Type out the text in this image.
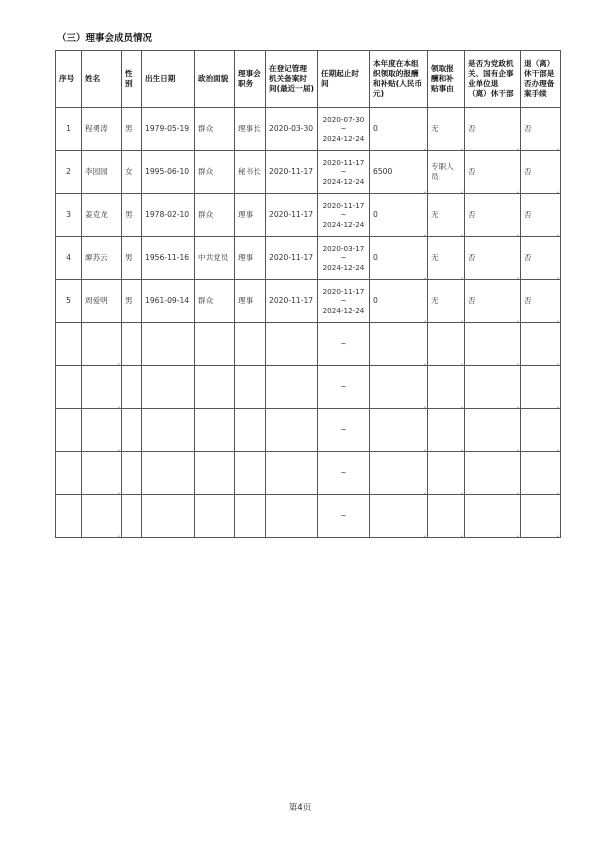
（三）理事会成员情况
序号	姓名	性别	出生日期	政治面貌	理事会职务	在登记管理机关备案时间(最近一届)	任期起止时间	本年度在本组织领取的报酬和补贴(人民币元)	领取报酬和补贴事由	是否为党政机关、国有企事业单位退（离）休干部	退（离）休干部是否办理备案手续
1	程勇涛	男	1979-05-19	群众	理事长	2020-03-30	2020-07-30
~
2024-12-24	0	无	否	否

2	李园园	女	1995-06-10	群众	秘书长	2020-11-17	2020-11-17
~
2024-12-24	6500	专职人员	否	否

3	姜克龙	男	1978-02-10	群众	理事	2020-11-17	2020-11-17
~
2024-12-24	0	无	否	否

4	廖苏云	男	1956-11-16	中共党员	理事	2020-11-17	2020-03-17
~
2024-12-24	0	无	否	否

5	周爱明	男	1961-09-14	群众	理事	2020-11-17	2020-11-17
~
2024-12-24	0	无	否	否

							~				

							~				

							~				

							~				

							~				

第4页
